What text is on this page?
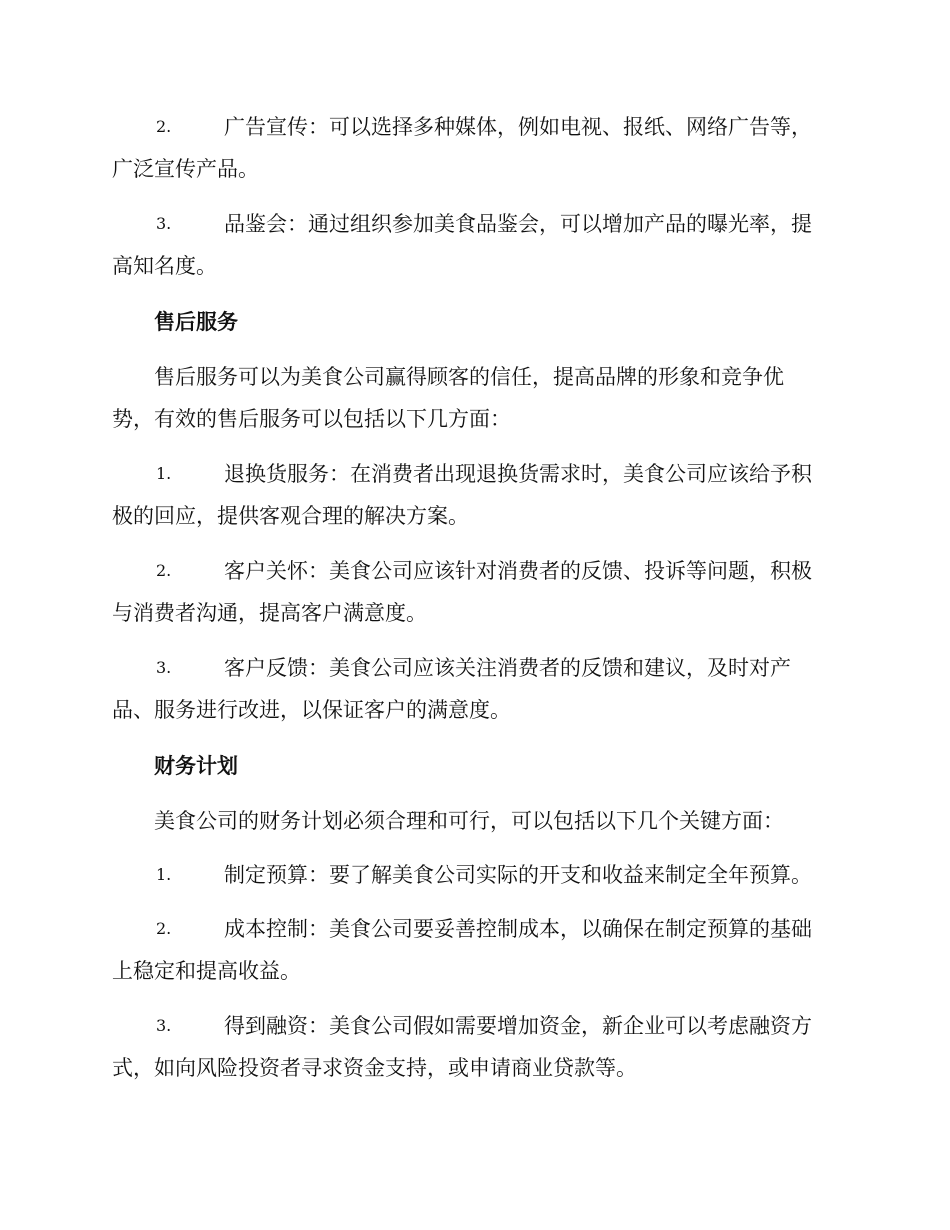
2.	广告宣传：可以选择多种媒体，例如电视、报纸、网络广告等，
广泛宣传产品。
3.	品鉴会：通过组织参加美食品鉴会，可以增加产品的曝光率，提
高知名度。
售后服务
售后服务可以为美食公司赢得顾客的信任，提高品牌的形象和竞争优
势，有效的售后服务可以包括以下几方面：
1.	退换货服务：在消费者出现退换货需求时，美食公司应该给予积
极的回应，提供客观合理的解决方案。
2.	客户关怀：美食公司应该针对消费者的反馈、投诉等问题，积极
与消费者沟通，提高客户满意度。
3.	客户反馈：美食公司应该关注消费者的反馈和建议，及时对产
品、服务进行改进，以保证客户的满意度。
财务计划
美食公司的财务计划必须合理和可行，可以包括以下几个关键方面：
1.	制定预算：要了解美食公司实际的开支和收益来制定全年预算。
2.	成本控制：美食公司要妥善控制成本，以确保在制定预算的基础
上稳定和提高收益。
3.	得到融资：美食公司假如需要增加资金，新企业可以考虑融资方
式，如向风险投资者寻求资金支持，或申请商业贷款等。
